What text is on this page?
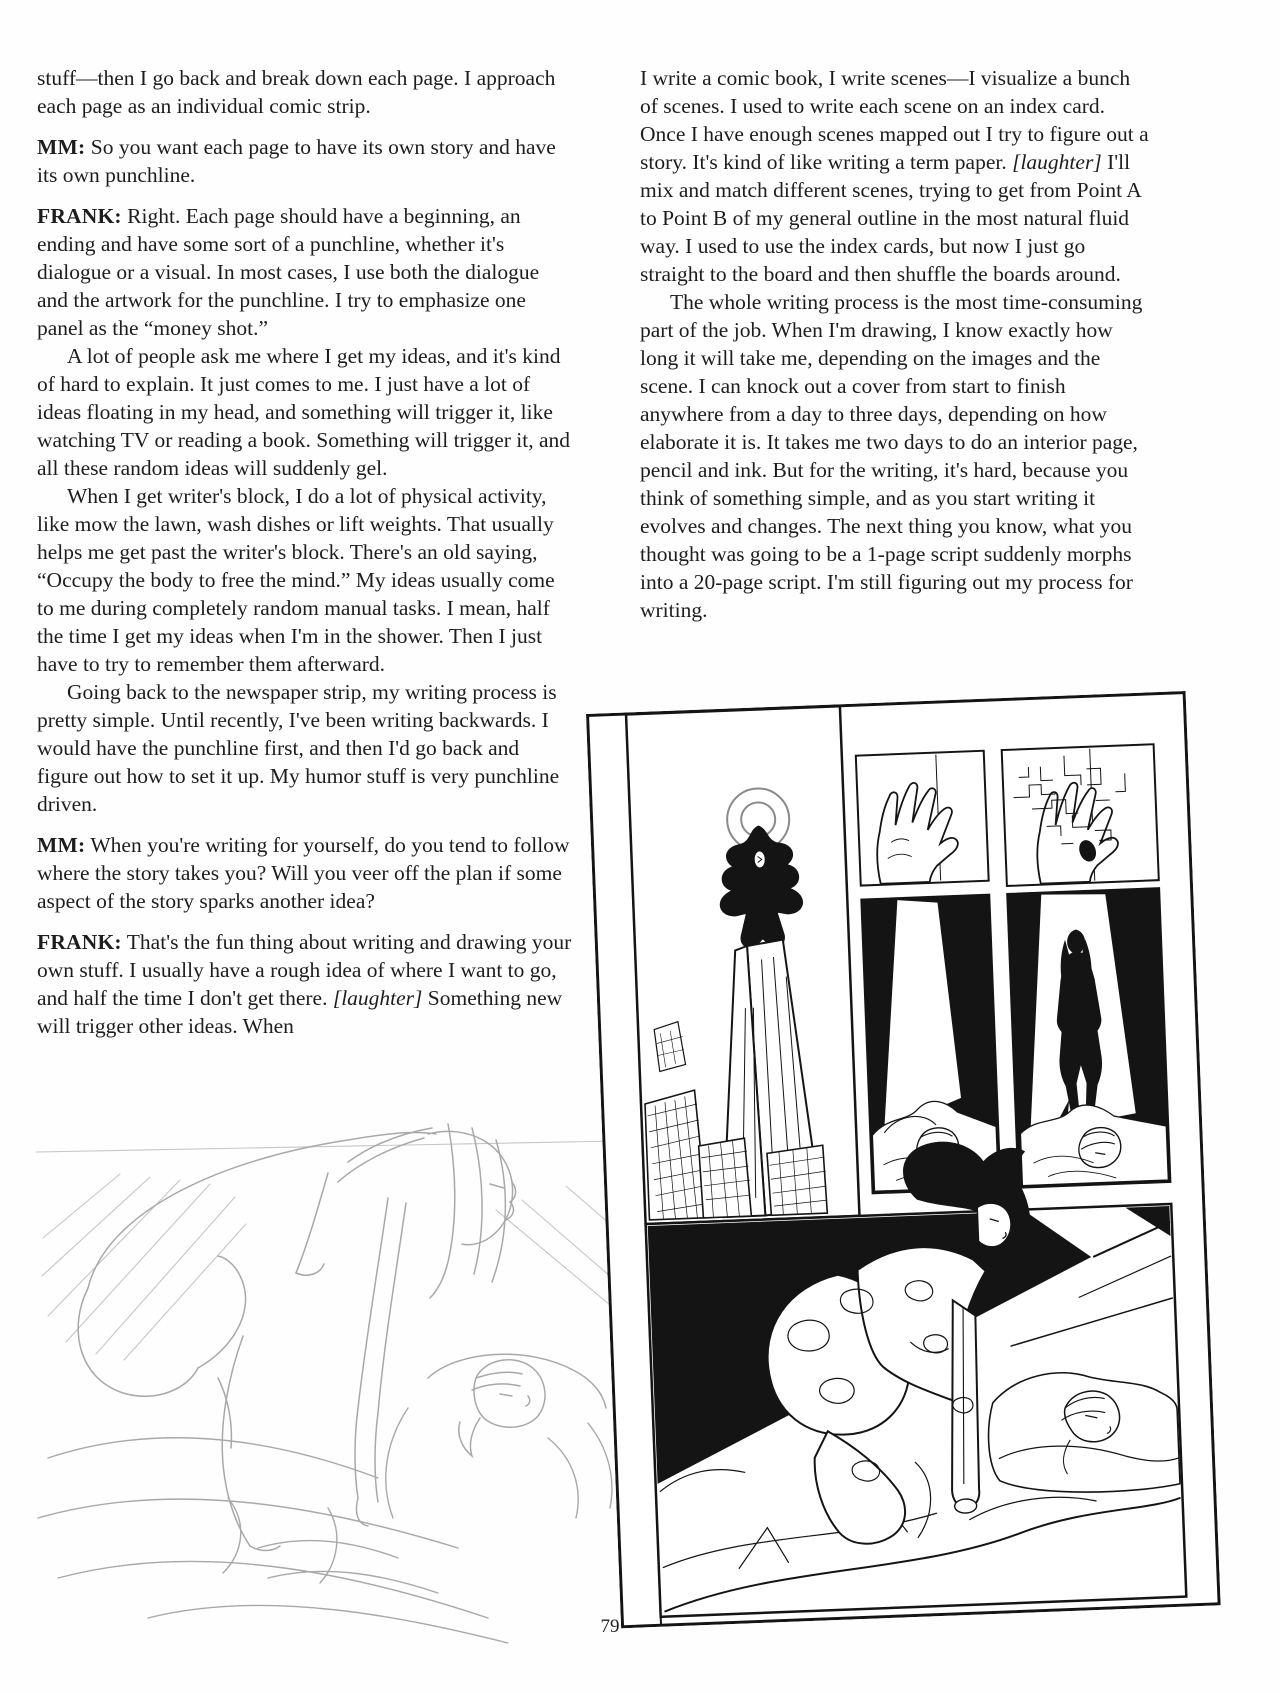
stuff—then I go back and break down each page. I approach each page as an individual comic strip.

MM: So you want each page to have its own story and have its own punchline.

FRANK: Right. Each page should have a beginning, an ending and have some sort of a punchline, whether it's dialogue or a visual. In most cases, I use both the dialogue and the artwork for the punchline. I try to emphasize one panel as the “money shot.”

A lot of people ask me where I get my ideas, and it's kind of hard to explain. It just comes to me. I just have a lot of ideas floating in my head, and something will trigger it, like watching TV or reading a book. Something will trigger it, and all these random ideas will suddenly gel.

When I get writer's block, I do a lot of physical activity, like mow the lawn, wash dishes or lift weights. That usually helps me get past the writer's block. There's an old saying, “Occupy the body to free the mind.” My ideas usually come to me during completely random manual tasks. I mean, half the time I get my ideas when I'm in the shower. Then I just have to try to remember them afterward.

Going back to the newspaper strip, my writing process is pretty simple. Until recently, I've been writing backwards. I would have the punchline first, and then I'd go back and figure out how to set it up. My humor stuff is very punchline driven.

MM: When you're writing for yourself, do you tend to follow where the story takes you? Will you veer off the plan if some aspect of the story sparks another idea?

FRANK: That's the fun thing about writing and drawing your own stuff. I usually have a rough idea of where I want to go, and half the time I don't get there. [laughter] Something new will trigger other ideas. When

I write a comic book, I write scenes—I visualize a bunch of scenes. I used to write each scene on an index card. Once I have enough scenes mapped out I try to figure out a story. It's kind of like writing a term paper. [laughter] I'll mix and match different scenes, trying to get from Point A to Point B of my general outline in the most natural fluid way. I used to use the index cards, but now I just go straight to the board and then shuffle the boards around.

The whole writing process is the most time-consuming part of the job. When I'm drawing, I know exactly how long it will take me, depending on the images and the scene. I can knock out a cover from start to finish anywhere from a day to three days, depending on how elaborate it is. It takes me two days to do an interior page, pencil and ink. But for the writing, it's hard, because you think of something simple, and as you start writing it evolves and changes. The next thing you know, what you thought was going to be a 1-page script suddenly morphs into a 20-page script. I'm still figuring out my process for writing.

79
